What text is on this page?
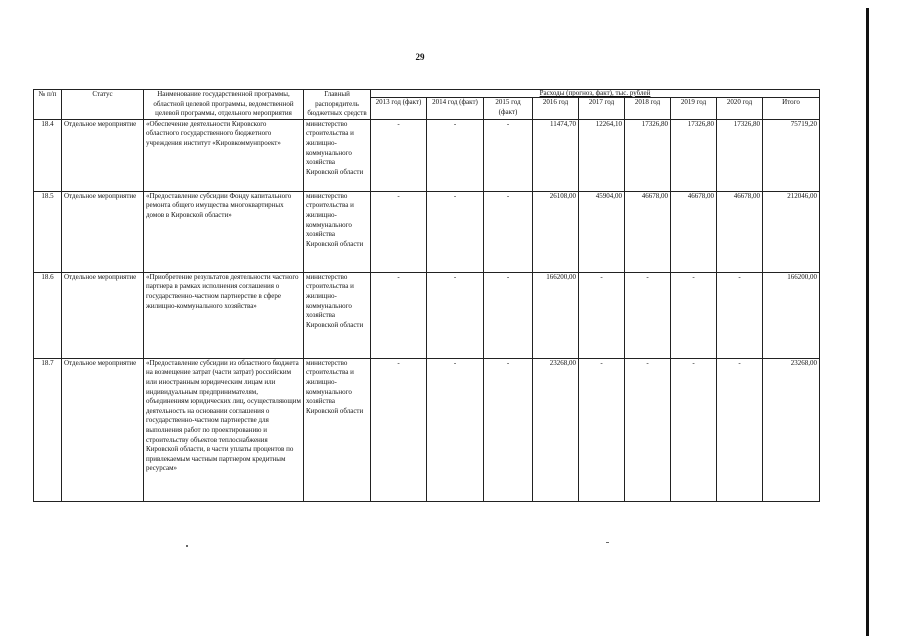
29
№ п/п	Статус	Наименование государственной программы, областной целевой программы, ведомственной целевой программы, отдельного мероприятия	Главный распорядитель бюджетных средств	Расходы (прогноз, факт), тыс. рублей								
				2013 год (факт)	2014 год (факт)	2015 год (факт)	2016 год	2017 год	2018 год	2019 год	2020 год	Итого
18.4	Отдельное мероприятие	«Обеспечение деятельности Кировского областного государственного бюджетного учреждения институт «Кировкоммунпроект»	министерство строительства и жилищно-коммунального хозяйства Кировской области	-	-	-	11474,70	12264,10	17326,80	17326,80	17326,80	75719,20
18.5	Отдельное мероприятие	«Предоставление субсидии Фонду капитального ремонта общего имущества многоквартирных домов в Кировской области»	министерство строительства и жилищно-коммунального хозяйства Кировской области	-	-	-	26108,00	45904,00	46678,00	46678,00	46678,00	212046,00
18.6	Отдельное мероприятие	«Приобретение результатов деятельности частного партнера в рамках исполнения соглашения о государственно-частном партнерстве в сфере жилищно-коммунального хозяйства»	министерство строительства и жилищно-коммунального хозяйства Кировской области	-	-	-	166200,00	-	-	-	-	166200,00
18.7	Отдельное мероприятие	«Предоставление субсидии из областного бюджета на возмещение затрат (части затрат) российским или иностранным юридическим лицам или индивидуальным предпринимателям, объединениям юридических лиц, осуществляющим деятельность на основании соглашения о государственно-частном партнерстве для выполнения работ по проектированию и строительству объектов теплоснабжения Кировской области, в части уплаты процентов по привлекаемым частным партнером кредитным ресурсам»	министерство строительства и жилищно-коммунального хозяйства Кировской области	-	-	-	23268,00	-	-	-	-	23268,00
